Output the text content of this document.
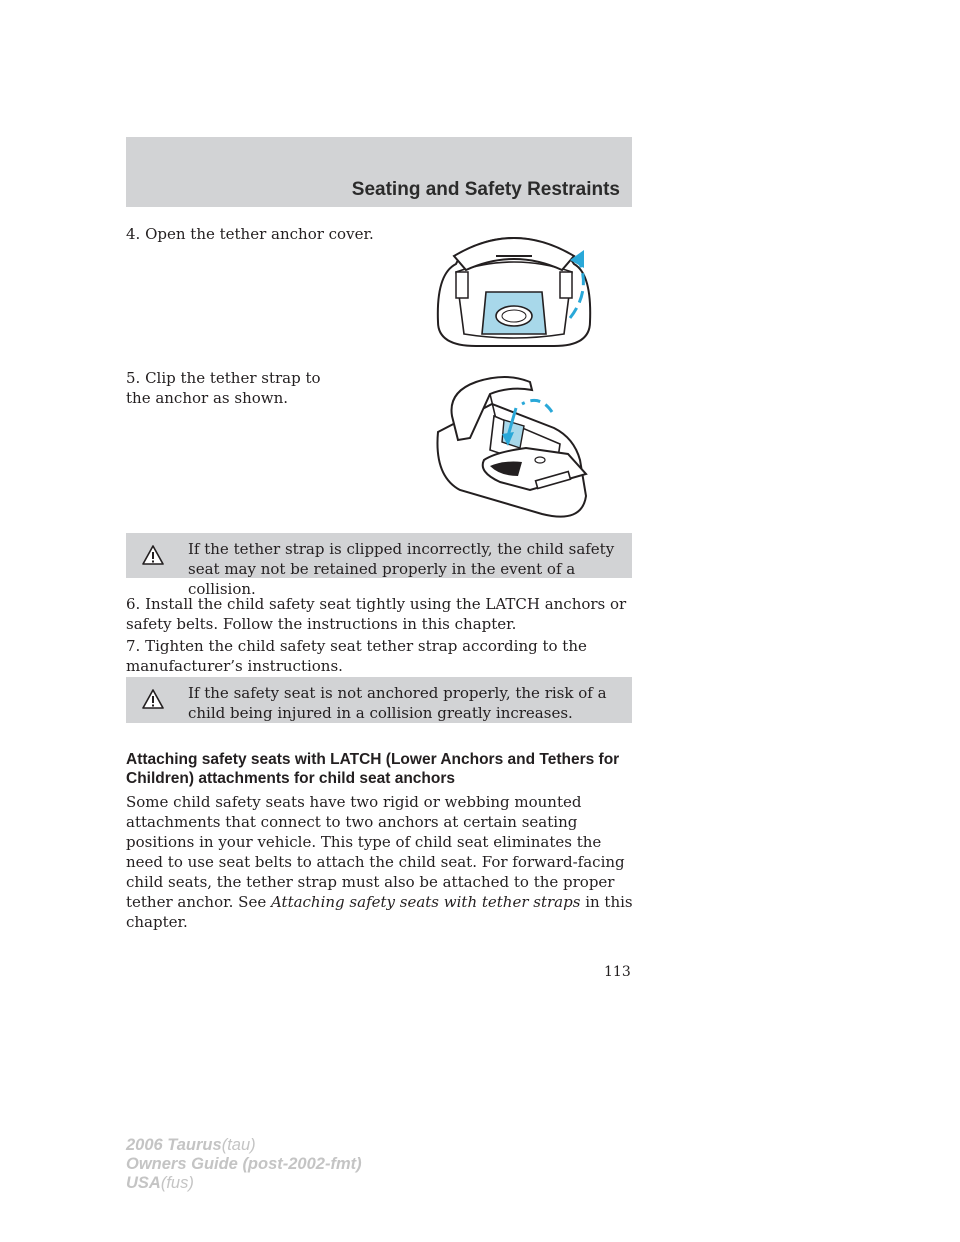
Seating and Safety Restraints
4. Open the tether anchor cover.
5. Clip the tether strap to the anchor as shown.
If the tether strap is clipped incorrectly, the child safety seat may not be retained properly in the event of a collision.
6. Install the child safety seat tightly using the LATCH anchors or safety belts. Follow the instructions in this chapter.
7. Tighten the child safety seat tether strap according to the manufacturer’s instructions.
If the safety seat is not anchored properly, the risk of a child being injured in a collision greatly increases.
Attaching safety seats with LATCH (Lower Anchors and Tethers for Children) attachments for child seat anchors
Some child safety seats have two rigid or webbing mounted attachments that connect to two anchors at certain seating positions in your vehicle. This type of child seat eliminates the need to use seat belts to attach the child seat. For forward-facing child seats, the tether strap must also be attached to the proper tether anchor. See Attaching safety seats with tether straps in this chapter.
113
2006 Taurus(tau)
Owners Guide (post-2002-fmt)
USA(fus)
